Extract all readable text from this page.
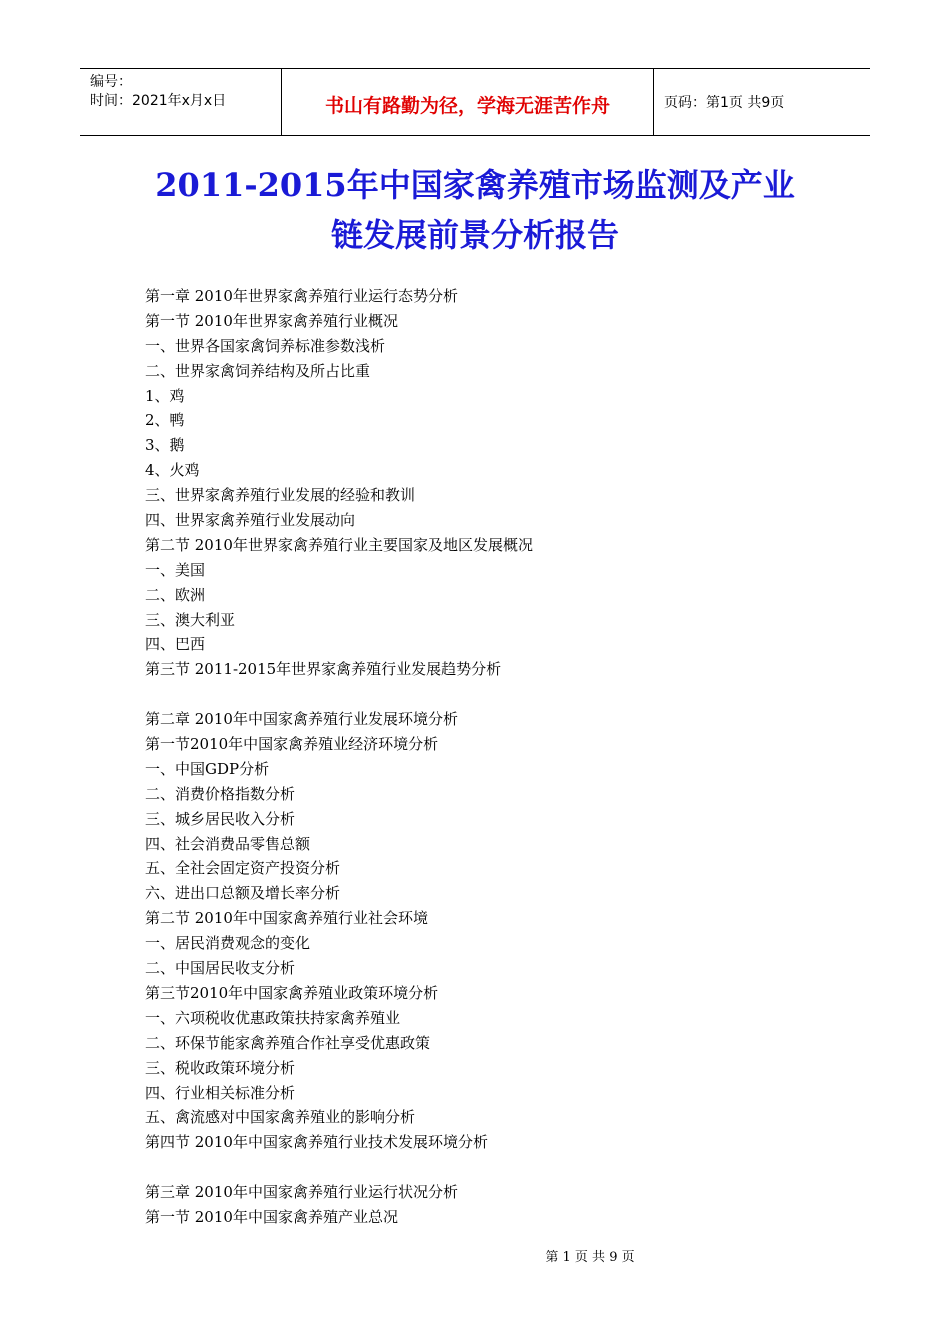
编号：
时间：2021年x月x日	书山有路勤为径，学海无涯苦作舟	页码：第1页 共9页
2011-2015年中国家禽养殖市场监测及产业
链发展前景分析报告
第一章 2010年世界家禽养殖行业运行态势分析
第一节 2010年世界家禽养殖行业概况
一、世界各国家禽饲养标准参数浅析
二、世界家禽饲养结构及所占比重
1、鸡
2、鸭
3、鹅
4、火鸡
三、世界家禽养殖行业发展的经验和教训
四、世界家禽养殖行业发展动向
第二节 2010年世界家禽养殖行业主要国家及地区发展概况
一、美国
二、欧洲
三、澳大利亚
四、巴西
第三节 2011-2015年世界家禽养殖行业发展趋势分析
第二章 2010年中国家禽养殖行业发展环境分析
第一节2010年中国家禽养殖业经济环境分析
一、中国GDP分析
二、消费价格指数分析
三、城乡居民收入分析
四、社会消费品零售总额
五、全社会固定资产投资分析
六、进出口总额及增长率分析
第二节 2010年中国家禽养殖行业社会环境
一、居民消费观念的变化
二、中国居民收支分析
第三节2010年中国家禽养殖业政策环境分析
一、六项税收优惠政策扶持家禽养殖业
二、环保节能家禽养殖合作社享受优惠政策
三、税收政策环境分析
四、行业相关标准分析
五、禽流感对中国家禽养殖业的影响分析
第四节 2010年中国家禽养殖行业技术发展环境分析
第三章 2010年中国家禽养殖行业运行状况分析
第一节 2010年中国家禽养殖产业总况
第 1 页 共 9 页
